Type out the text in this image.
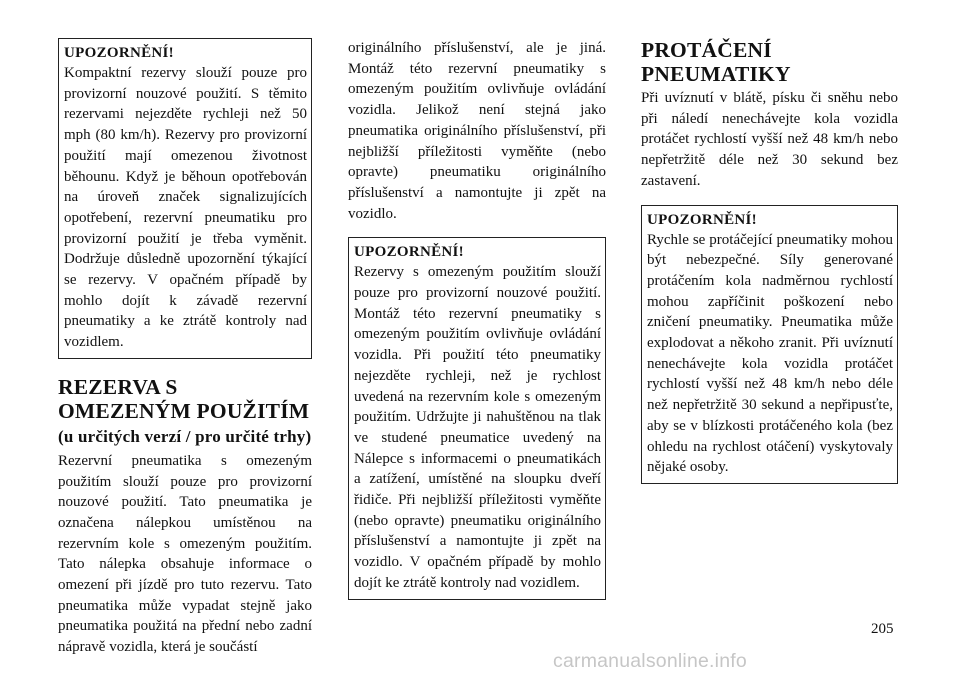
UPOZORNĚNÍ!

Kompaktní rezervy slouží pouze pro provizorní nouzové použití. S těmito rezervami nejezděte rychleji než 50 mph (80 km/h). Rezervy pro provizorní použití mají omezenou životnost běhounu. Když je běhoun opotřebován na úroveň značek signalizujících opotřebení, rezervní pneumatiku pro provizorní použití je třeba vyměnit. Dodržuje důsledně upozornění týkající se rezervy. V opačném případě by mohlo dojít k závadě rezervní pneumatiky a ke ztrátě kontroly nad vozidlem.

REZERVA S OMEZENÝM POUŽITÍM (u určitých verzí / pro určité trhy)

Rezervní pneumatika s omezeným použitím slouží pouze pro provizorní nouzové použití. Tato pneumatika je označena nálepkou umístěnou na rezervním kole s omezeným použitím. Tato nálepka obsahuje informace o omezení při jízdě pro tuto rezervu. Tato pneumatika může vypadat stejně jako pneumatika použitá na přední nebo zadní nápravě vozidla, která je součástí

originálního příslušenství, ale je jiná. Montáž této rezervní pneumatiky s omezeným použitím ovlivňuje ovládání vozidla. Jelikož není stejná jako pneumatika originálního příslušenství, při nejbližší příležitosti vyměňte (nebo opravte) pneumatiku originálního příslušenství a namontujte ji zpět na vozidlo.

UPOZORNĚNÍ!

Rezervy s omezeným použitím slouží pouze pro provizorní nouzové použití. Montáž této rezervní pneumatiky s omezeným použitím ovlivňuje ovládání vozidla. Při použití této pneumatiky nejezděte rychleji, než je rychlost uvedená na rezervním kole s omezeným použitím. Udržujte ji nahuštěnou na tlak ve studené pneumatice uvedený na Nálepce s informacemi o pneumatikách a zatížení, umístěné na sloupku dveří řidiče. Při nejbližší příležitosti vyměňte (nebo opravte) pneumatiku originálního příslušenství a namontujte ji zpět na vozidlo. V opačném případě by mohlo dojít ke ztrátě kontroly nad vozidlem.

PROTÁČENÍ PNEUMATIKY

Při uvíznutí v blátě, písku či sněhu nebo při náledí nenechávejte kola vozidla protáčet rychlostí vyšší než 48 km/h nebo nepřetržitě déle než 30 sekund bez zastavení.

UPOZORNĚNÍ!

Rychle se protáčející pneumatiky mohou být nebezpečné. Síly generované protáčením kola nadměrnou rychlostí mohou zapříčinit poškození nebo zničení pneumatiky. Pneumatika může explodovat a někoho zranit. Při uvíznutí nenechávejte kola vozidla protáčet rychlostí vyšší než 48 km/h nebo déle než nepřetržitě 30 sekund a nepřipusťte, aby se v blízkosti protáčeného kola (bez ohledu na rychlost otáčení) vyskytovaly nějaké osoby.

205
carmanualsonline.info
